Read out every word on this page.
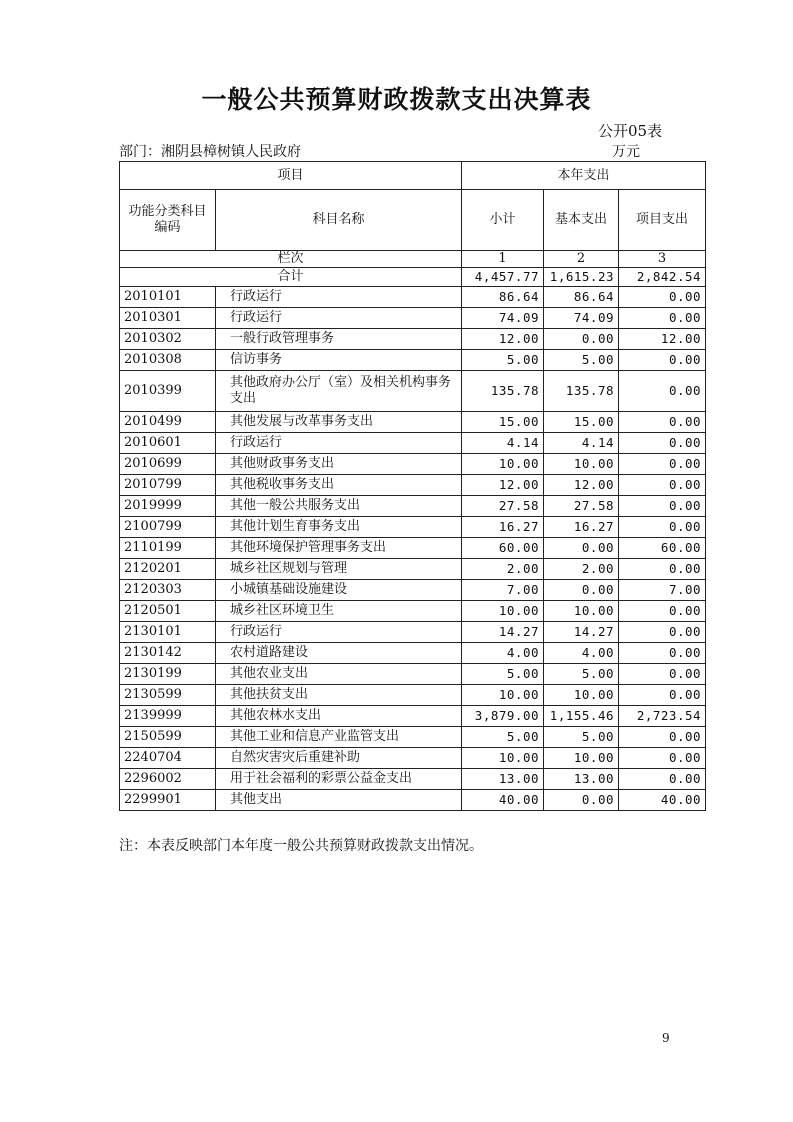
一般公共预算财政拨款支出决算表
公开05表
部门：湘阴县樟树镇人民政府	万元
项目		本年支出		
功能分类科目编码	科目名称	小计	基本支出	项目支出
栏次		1	2	3
合计		4,457.77	1,615.23	2,842.54
2010101	行政运行	86.64	86.64	0.00
2010301	行政运行	74.09	74.09	0.00
2010302	一般行政管理事务	12.00	0.00	12.00
2010308	信访事务	5.00	5.00	0.00
2010399	其他政府办公厅（室）及相关机构事务支出	135.78	135.78	0.00
2010499	其他发展与改革事务支出	15.00	15.00	0.00
2010601	行政运行	4.14	4.14	0.00
2010699	其他财政事务支出	10.00	10.00	0.00
2010799	其他税收事务支出	12.00	12.00	0.00
2019999	其他一般公共服务支出	27.58	27.58	0.00
2100799	其他计划生育事务支出	16.27	16.27	0.00
2110199	其他环境保护管理事务支出	60.00	0.00	60.00
2120201	城乡社区规划与管理	2.00	2.00	0.00
2120303	小城镇基础设施建设	7.00	0.00	7.00
2120501	城乡社区环境卫生	10.00	10.00	0.00
2130101	行政运行	14.27	14.27	0.00
2130142	农村道路建设	4.00	4.00	0.00
2130199	其他农业支出	5.00	5.00	0.00
2130599	其他扶贫支出	10.00	10.00	0.00
2139999	其他农林水支出	3,879.00	1,155.46	2,723.54
2150599	其他工业和信息产业监管支出	5.00	5.00	0.00
2240704	自然灾害灾后重建补助	10.00	10.00	0.00
2296002	用于社会福利的彩票公益金支出	13.00	13.00	0.00
2299901	其他支出	40.00	0.00	40.00
注：本表反映部门本年度一般公共预算财政拨款支出情况。
9
